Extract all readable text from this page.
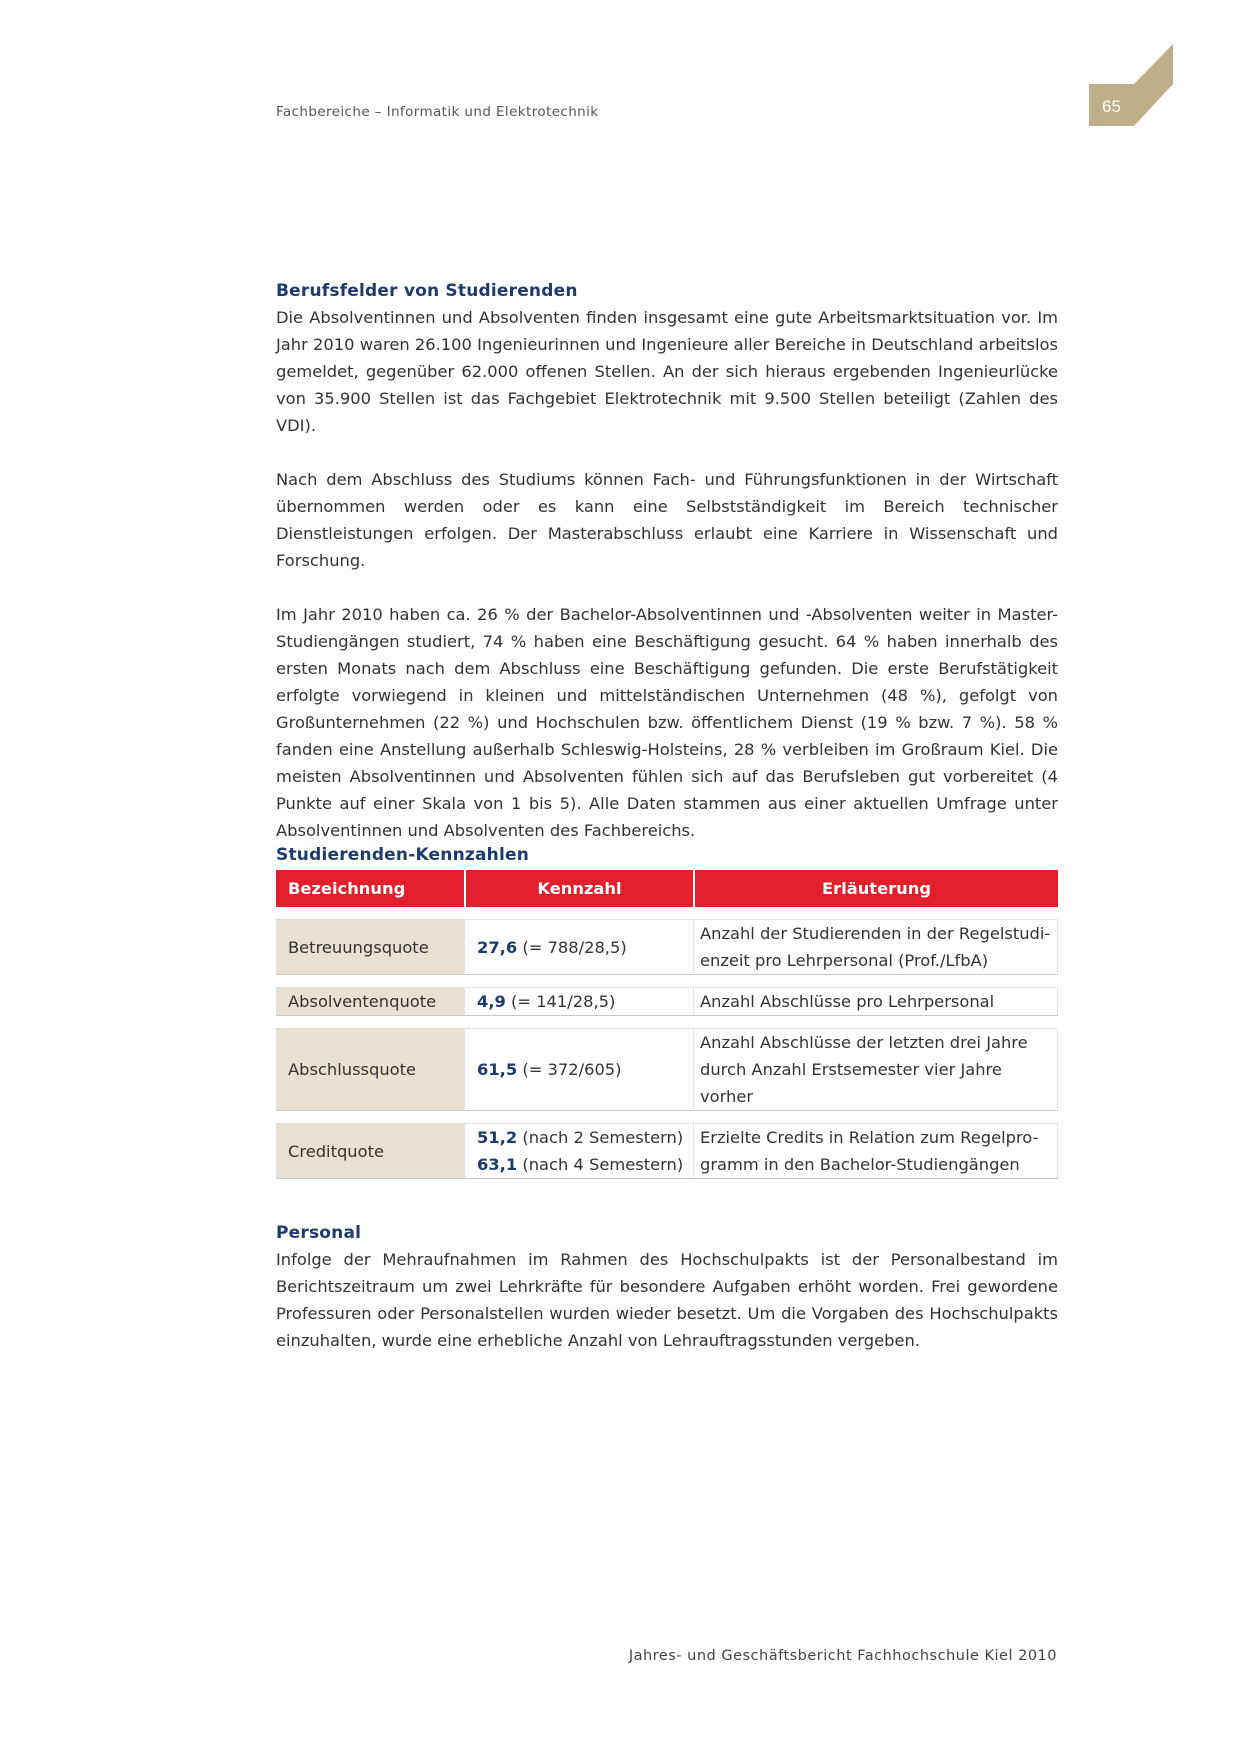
Fachbereiche – Informatik und Elektrotechnik	65
Berufsfelder von Studierenden

Die Absolventinnen und Absolventen finden insgesamt eine gute Arbeitsmarktsituation vor. Im Jahr 2010 waren 26.100 Ingenieurinnen und Ingenieure aller Bereiche in Deutschland arbeitslos gemeldet, gegenüber 62.000 offenen Stellen. An der sich hieraus ergebenden Ingenieurlücke von 35.900 Stellen ist das Fachgebiet Elektrotechnik mit 9.500 Stellen beteiligt (Zahlen des VDI).

Nach dem Abschluss des Studiums können Fach- und Führungsfunktionen in der Wirtschaft übernommen werden oder es kann eine Selbstständigkeit im Bereich technischer Dienstleistungen erfolgen. Der Masterabschluss erlaubt eine Karriere in Wissenschaft und Forschung.

Im Jahr 2010 haben ca. 26 % der Bachelor-Absolventinnen und -Absolventen weiter in Master-Studiengängen studiert, 74 % haben eine Beschäftigung gesucht. 64 % haben innerhalb des ersten Monats nach dem Abschluss eine Beschäftigung gefunden. Die erste Berufstätigkeit erfolgte vorwiegend in kleinen und mittelständischen Unternehmen (48 %), gefolgt von Großunternehmen (22 %) und Hochschulen bzw. öffentlichem Dienst (19 % bzw. 7 %). 58 % fanden eine Anstellung außerhalb Schleswig-Holsteins, 28 % verbleiben im Großraum Kiel. Die meisten Absolventinnen und Absolventen fühlen sich auf das Berufsleben gut vorbereitet (4 Punkte auf einer Skala von 1 bis 5). Alle Daten stammen aus einer aktuellen Umfrage unter Absolventinnen und Absolventen des Fachbereichs.

Studierenden-Kennzahlen
Bezeichnung	Kennzahl	Erläuterung

Betreuungsquote	27,6 (= 788/28,5)	Anzahl der Studierenden in der Regelstudi-
enzeit pro Lehrpersonal (Prof./LfbA)

Absolventenquote	4,9 (= 141/28,5)	Anzahl Abschlüsse pro Lehrpersonal

Abschlussquote	61,5 (= 372/605)	Anzahl Abschlüsse der letzten drei Jahre
durch Anzahl Erstsemester vier Jahre vorher

Creditquote	51,2 (nach 2 Semestern)
63,1 (nach 4 Semestern)	Erzielte Credits in Relation zum Regelpro-
gramm in den Bachelor-Studiengängen
Personal

Infolge der Mehraufnahmen im Rahmen des Hochschulpakts ist der Personalbestand im Berichtszeitraum um zwei Lehrkräfte für besondere Aufgaben erhöht worden. Frei gewordene Professuren oder Personalstellen wurden wieder besetzt. Um die Vorgaben des Hochschulpakts einzuhalten, wurde eine erhebliche Anzahl von Lehrauftragsstunden vergeben.

Jahres- und Geschäftsbericht Fachhochschule Kiel 2010
